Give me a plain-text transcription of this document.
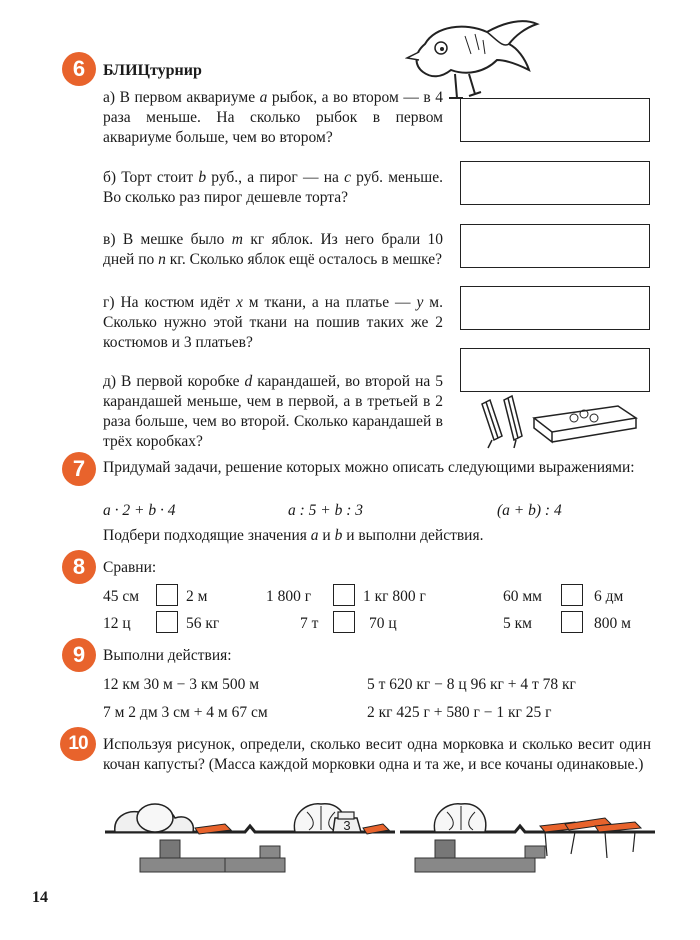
6	БЛИЦтурнир
а) В первом аквариуме a рыбок, а во втором — в 4 раза меньше. На сколько рыбок в первом аквариуме больше, чем во втором?
б) Торт стоит b руб., а пирог — на c руб. меньше. Во сколько раз пирог дешевле торта?
в) В мешке было m кг яблок. Из него брали 10 дней по n кг. Сколько яблок ещё осталось в мешке?
г) На костюм идёт x м ткани, а на платье — y м. Сколько нужно этой ткани на пошив таких же 2 костюмов и 3 платьев?
д) В первой коробке d карандашей, во второй на 5 карандашей меньше, чем в первой, а в третьей в 2 раза больше, чем во второй. Сколько карандашей в трёх коробках?
7	Придумай задачи, решение которых можно описать следующими выражениями:
a · 2 + b · 4	a : 5 + b : 3	(a + b) : 4
Подбери подходящие значения a и b и выполни действия.
8	Сравни:
45 см	2 м	1 800 г	1 кг 800 г	60 мм	6 дм
12 ц	56 кг	7 т	70 ц	5 км	800 м
9	Выполни действия:
12 км 30 м − 3 км 500 м	5 т 620 кг − 8 ц 96 кг + 4 т 78 кг
7 м 2 дм 3 см + 4 м 67 см	2 кг 425 г + 580 г − 1 кг 25 г
10 Используя рисунок, определи, сколько весит одна морковка и сколько весит один кочан капусты? (Масса каждой морковки одна и та же, и все кочаны одинаковые.)
3
14
